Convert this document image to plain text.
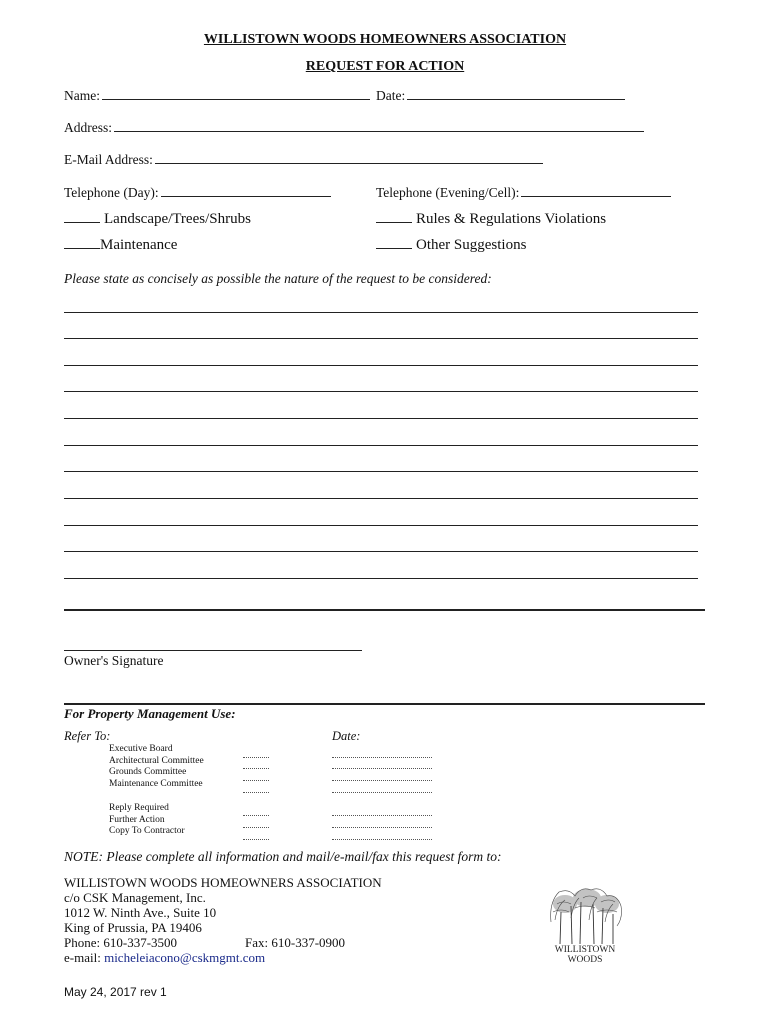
WILLISTOWN WOODS HOMEOWNERS ASSOCIATION
REQUEST FOR ACTION
Name:	Date:
Address:
E-Mail Address:
Telephone (Day):	Telephone (Evening/Cell):
Landscape/Trees/Shrubs	Rules & Regulations Violations
Maintenance	Other Suggestions
Please state as concisely as possible the nature of the request to be considered:
Owner's Signature
For Property Management Use:
Refer To:	Date:
Executive Board
Architectural Committee
Grounds Committee
Maintenance Committee
Reply Required
Further Action
Copy To Contractor
NOTE: Please complete all information and mail/e-mail/fax this request form to:
WILLISTOWN WOODS HOMEOWNERS ASSOCIATION
c/o CSK Management, Inc.
1012 W. Ninth Ave., Suite 10
King of Prussia, PA 19406
Phone: 610-337-3500	Fax: 610-337-0900
e-mail: micheleiacono@cskmgmt.com	WILLISTOWN
WOODS
May 24, 2017 rev 1
